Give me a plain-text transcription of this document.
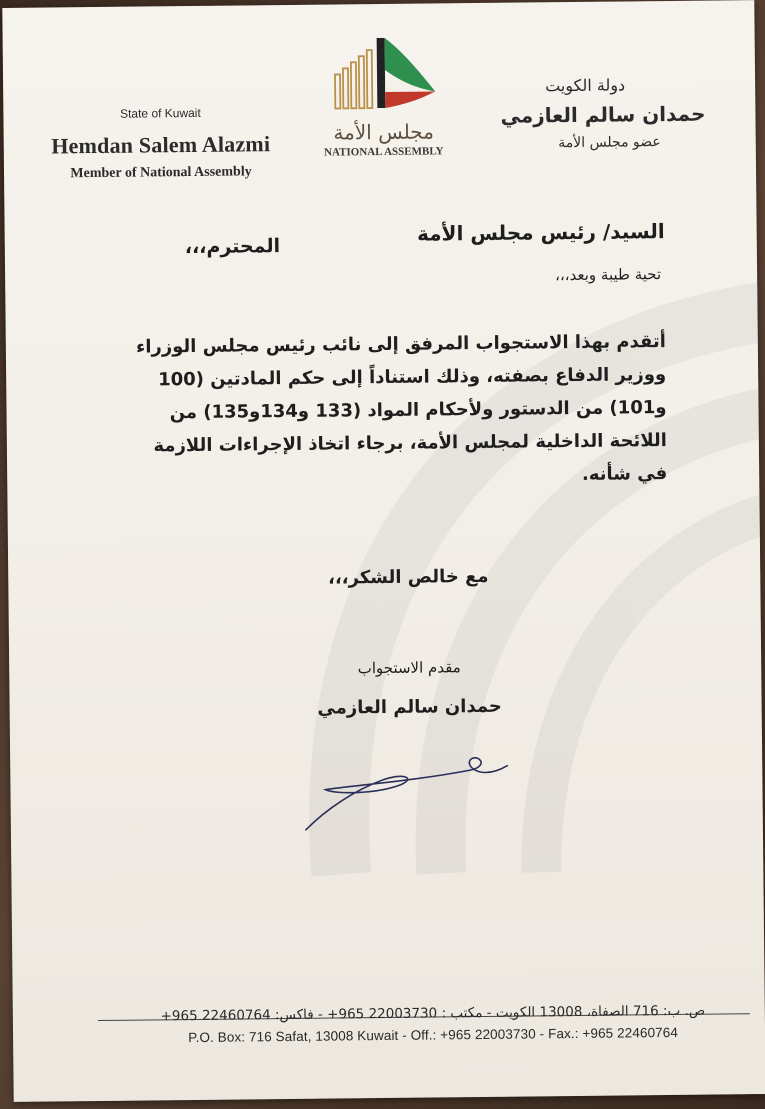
State of Kuwait
Hemdan Salem Alazmi
Member of National Assembly
مجلس الأمة
NATIONAL ASSEMBLY
دولة الكويت
حمدان سالم العازمي
عضو مجلس الأمة
السيد/ رئيس مجلس الأمة
المحترم،،،
تحية طيبة وبعد،،،
أتقدم بهذا الاستجواب المرفق إلى نائب رئيس مجلس الوزراء
ووزير الدفاع بصفته، وذلك استناداً إلى حكم المادتين (100
و101) من الدستور ولأحكام المواد (133 و134و135) من
اللائحة الداخلية لمجلس الأمة، برجاء اتخاذ الإجراءات اللازمة
في شأنه.
مع خالص الشكر،،،
مقدم الاستجواب
حمدان سالم العازمي
ص. ب: 716 الصفاة، 13008 الكويت - مكتب : 22003730 965+ - فاكس: 22460764 965+
P.O. Box: 716 Safat, 13008 Kuwait - Off.: +965 22003730 - Fax.: +965 22460764
